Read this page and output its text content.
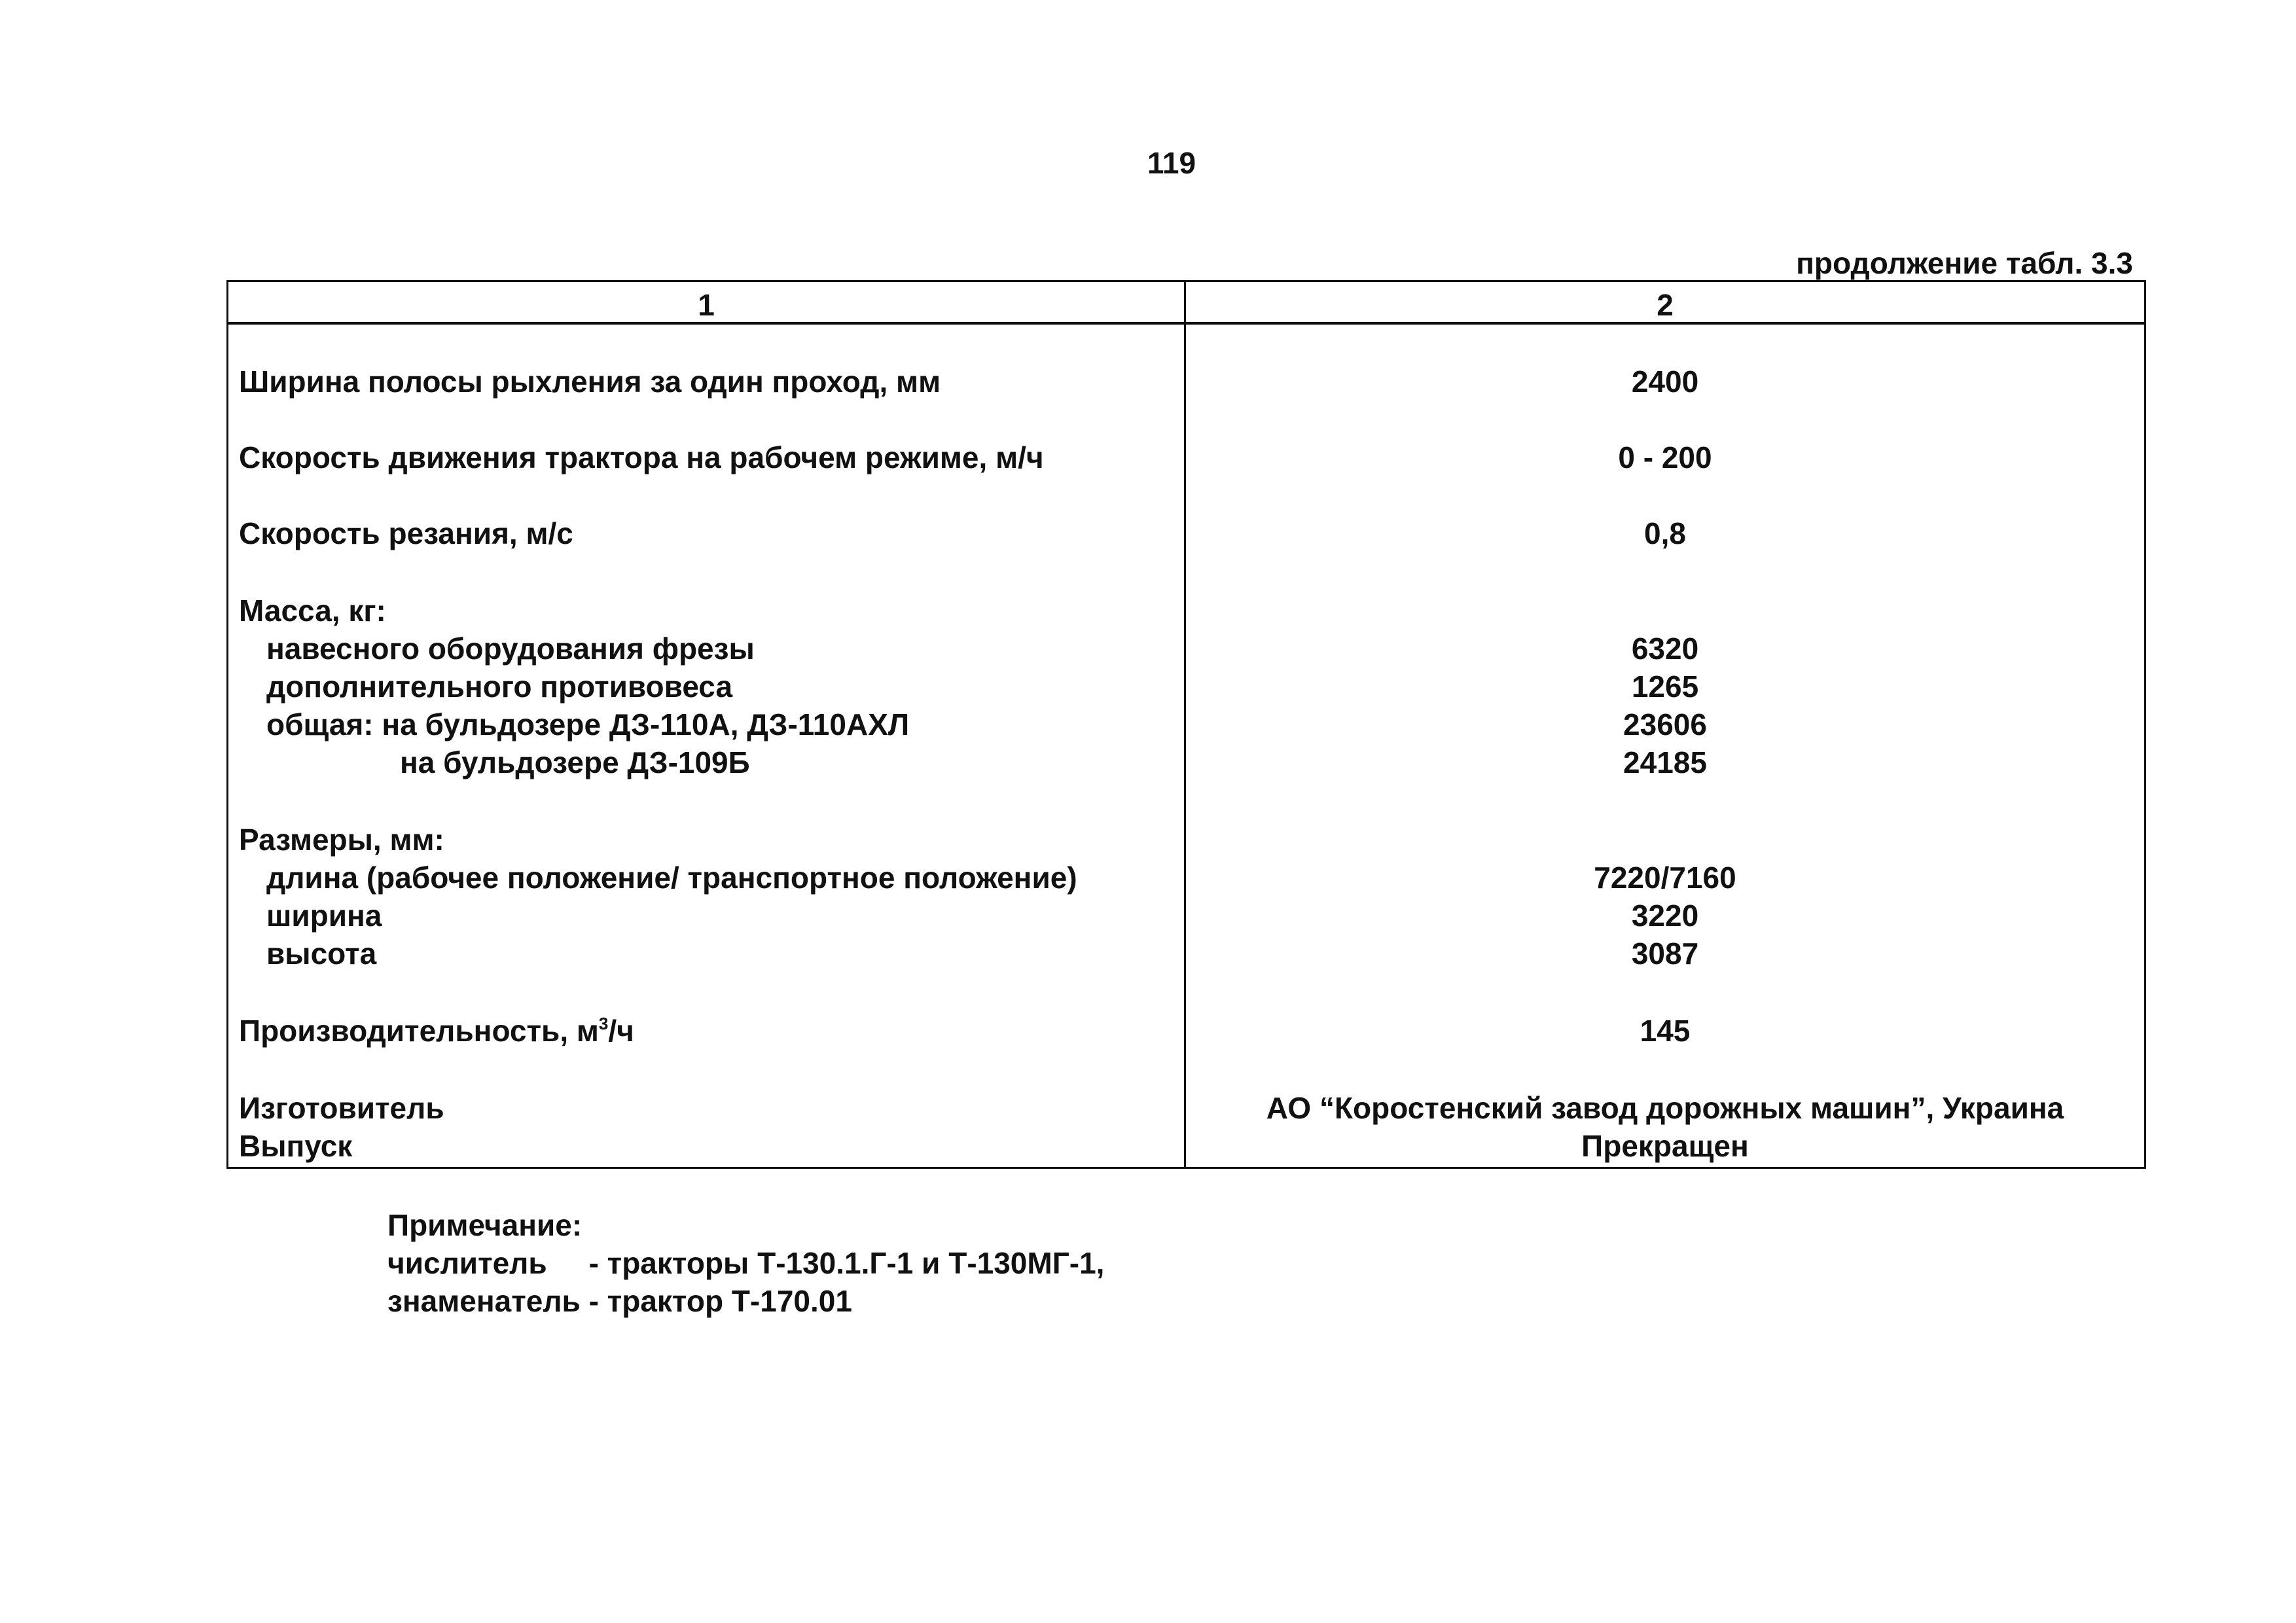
119
продолжение табл. 3.3
1	2
Ширина полосы рыхления за один проход, мм	2400
Скорость движения трактора на рабочем режиме, м/ч	0 - 200
Скорость резания, м/с	0,8
Масса, кг:
навесного оборудования фрезы	6320
дополнительного противовеса	1265
общая: на бульдозере ДЗ-110А, ДЗ-110АХЛ	23606
на бульдозере ДЗ-109Б	24185
Размеры, мм:
длина (рабочее положение/ транспортное положение)	7220/7160
ширина	3220
высота	3087
Производительность, $м^3/ч$	145
Изготовитель	АО “Коростенский завод дорожных машин”, Украина
Выпуск	Прекращен
Примечание:
числитель     - тракторы Т-130.1.Г-1 и Т-130МГ-1,
знаменатель - трактор Т-170.01
